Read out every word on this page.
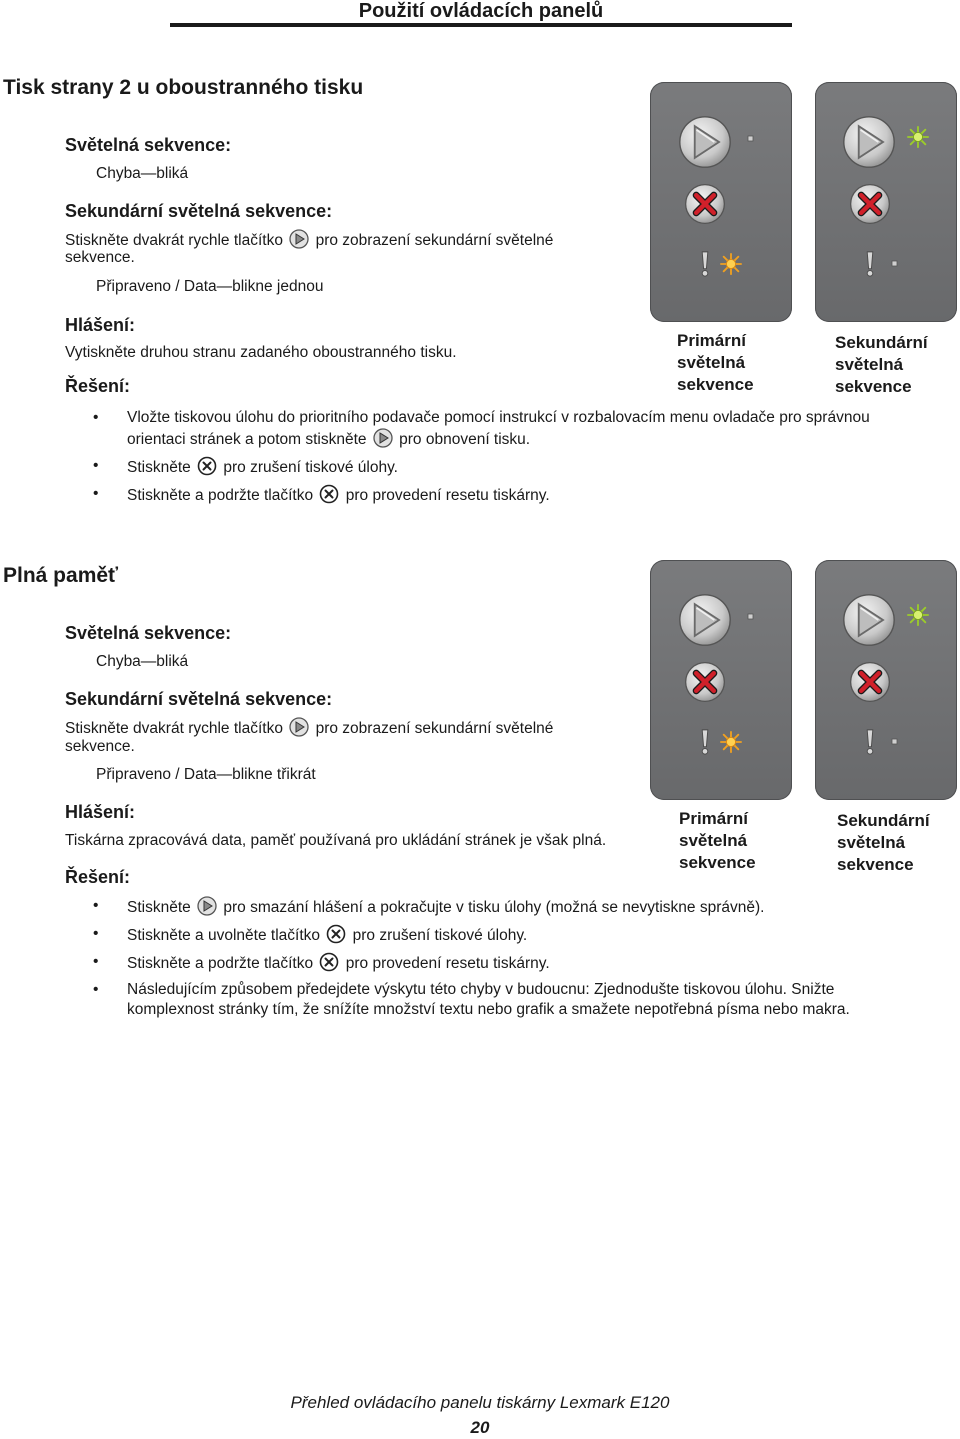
Použití ovládacích panelů
Tisk strany 2 u oboustranného tisku
Světelná sekvence:
Chyba—bliká
Sekundární světelná sekvence:
Stiskněte dvakrát rychle tlačítko pro zobrazení sekundární světelné
sekvence.
Připraveno / Data—blikne jednou
Hlášení:
Vytiskněte druhou stranu zadaného oboustranného tisku.
Řešení:
• Vložte tiskovou úlohu do prioritního podavače pomocí instrukcí v rozbalovacím menu ovladače pro správnou
orientaci stránek a potom stiskněte pro obnovení tisku.
• Stiskněte pro zrušení tiskové úlohy.
• Stiskněte a podržte tlačítko pro provedení resetu tiskárny.
Primární
světelná
sekvence
Sekundární
světelná
sekvence
Plná paměť
Světelná sekvence:
Chyba—bliká
Sekundární světelná sekvence:
Stiskněte dvakrát rychle tlačítko pro zobrazení sekundární světelné
sekvence.
Připraveno / Data—blikne třikrát
Hlášení:
Tiskárna zpracovává data, paměť používaná pro ukládání stránek je však plná.
Řešení:
• Stiskněte pro smazání hlášení a pokračujte v tisku úlohy (možná se nevytiskne správně).
• Stiskněte a uvolněte tlačítko pro zrušení tiskové úlohy.
• Stiskněte a podržte tlačítko pro provedení resetu tiskárny.
• Následujícím způsobem předejdete výskytu této chyby v budoucnu: Zjednodušte tiskovou úlohu. Snižte
komplexnost stránky tím, že snížíte množství textu nebo grafik a smažete nepotřebná písma nebo makra.
Primární
světelná
sekvence
Sekundární
světelná
sekvence
Přehled ovládacího panelu tiskárny Lexmark E120
20
